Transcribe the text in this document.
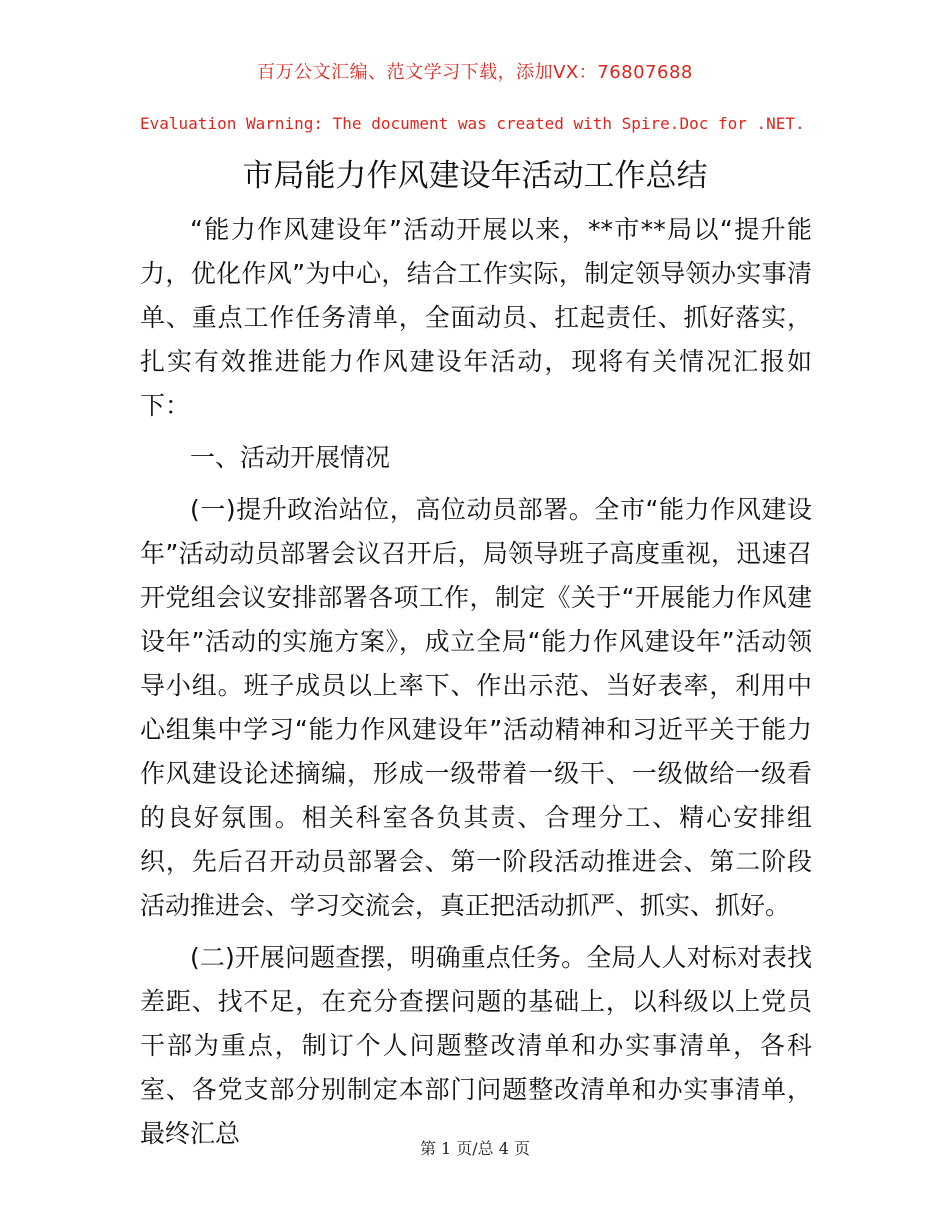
百万公文汇编、范文学习下载，添加VX：76807688
Evaluation Warning: The document was created with Spire.Doc for .NET.
市局能力作风建设年活动工作总结

“能力作风建设年”活动开展以来，**市**局以“提升能力，优化作风”为中心，结合工作实际，制定领导领办实事清单、重点工作任务清单，全面动员、扛起责任、抓好落实，扎实有效推进能力作风建设年活动，现将有关情况汇报如下：

一、活动开展情况

(一)提升政治站位，高位动员部署。全市“能力作风建设年”活动动员部署会议召开后，局领导班子高度重视，迅速召开党组会议安排部署各项工作，制定《关于“开展能力作风建设年”活动的实施方案》，成立全局“能力作风建设年”活动领导小组。班子成员以上率下、作出示范、当好表率，利用中心组集中学习“能力作风建设年”活动精神和习近平关于能力作风建设论述摘编，形成一级带着一级干、一级做给一级看的良好氛围。相关科室各负其责、合理分工、精心安排组织，先后召开动员部署会、第一阶段活动推进会、第二阶段活动推进会、学习交流会，真正把活动抓严、抓实、抓好。

(二)开展问题查摆，明确重点任务。全局人人对标对表找差距、找不足，在充分查摆问题的基础上，以科级以上党员干部为重点，制订个人问题整改清单和办实事清单，各科室、各党支部分别制定本部门问题整改清单和办实事清单，最终汇总

第 1 页/总 4 页
